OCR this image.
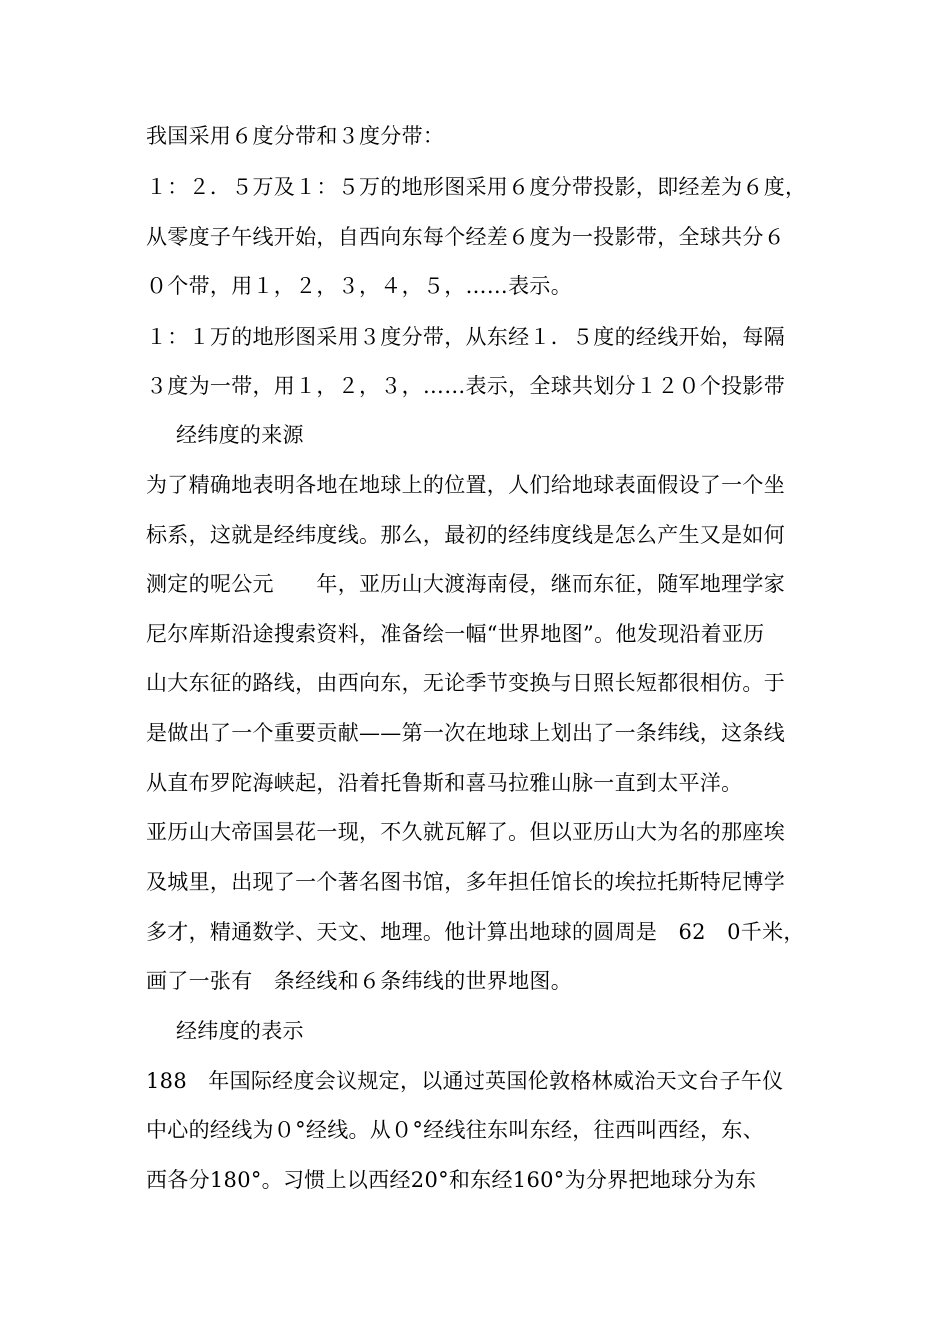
我国采用６度分带和３度分带：
１：２．５万及１：５万的地形图采用６度分带投影，即经差为６度，
从零度子午线开始，自西向东每个经差６度为一投影带，全球共分６
０个带，用１，２，３，４，５，……表示。
１：１万的地形图采用３度分带，从东经１．５度的经线开始，每隔
３度为一带，用１，２，３，……表示，全球共划分１２０个投影带
经纬度的来源
为了精确地表明各地在地球上的位置，人们给地球表面假设了一个坐
标系，这就是经纬度线。那么，最初的经纬度线是怎么产生又是如何
测定的呢公元　　年，亚历山大渡海南侵，继而东征，随军地理学家
尼尔库斯沿途搜索资料，准备绘一幅“世界地图”。他发现沿着亚历
山大东征的路线，由西向东，无论季节变换与日照长短都很相仿。于
是做出了一个重要贡献——第一次在地球上划出了一条纬线，这条线
从直布罗陀海峡起，沿着托鲁斯和喜马拉雅山脉一直到太平洋。
亚历山大帝国昙花一现，不久就瓦解了。但以亚历山大为名的那座埃
及城里，出现了一个著名图书馆，多年担任馆长的埃拉托斯特尼博学
多才，精通数学、天文、地理。他计算出地球的圆周是　62　0千米，
画了一张有　条经线和６条纬线的世界地图。
经纬度的表示
188　年国际经度会议规定，以通过英国伦敦格林威治天文台子午仪
中心的经线为０°经线。从０°经线往东叫东经，往西叫西经，东、
西各分180°。习惯上以西经20°和东经160°为分界把地球分为东
